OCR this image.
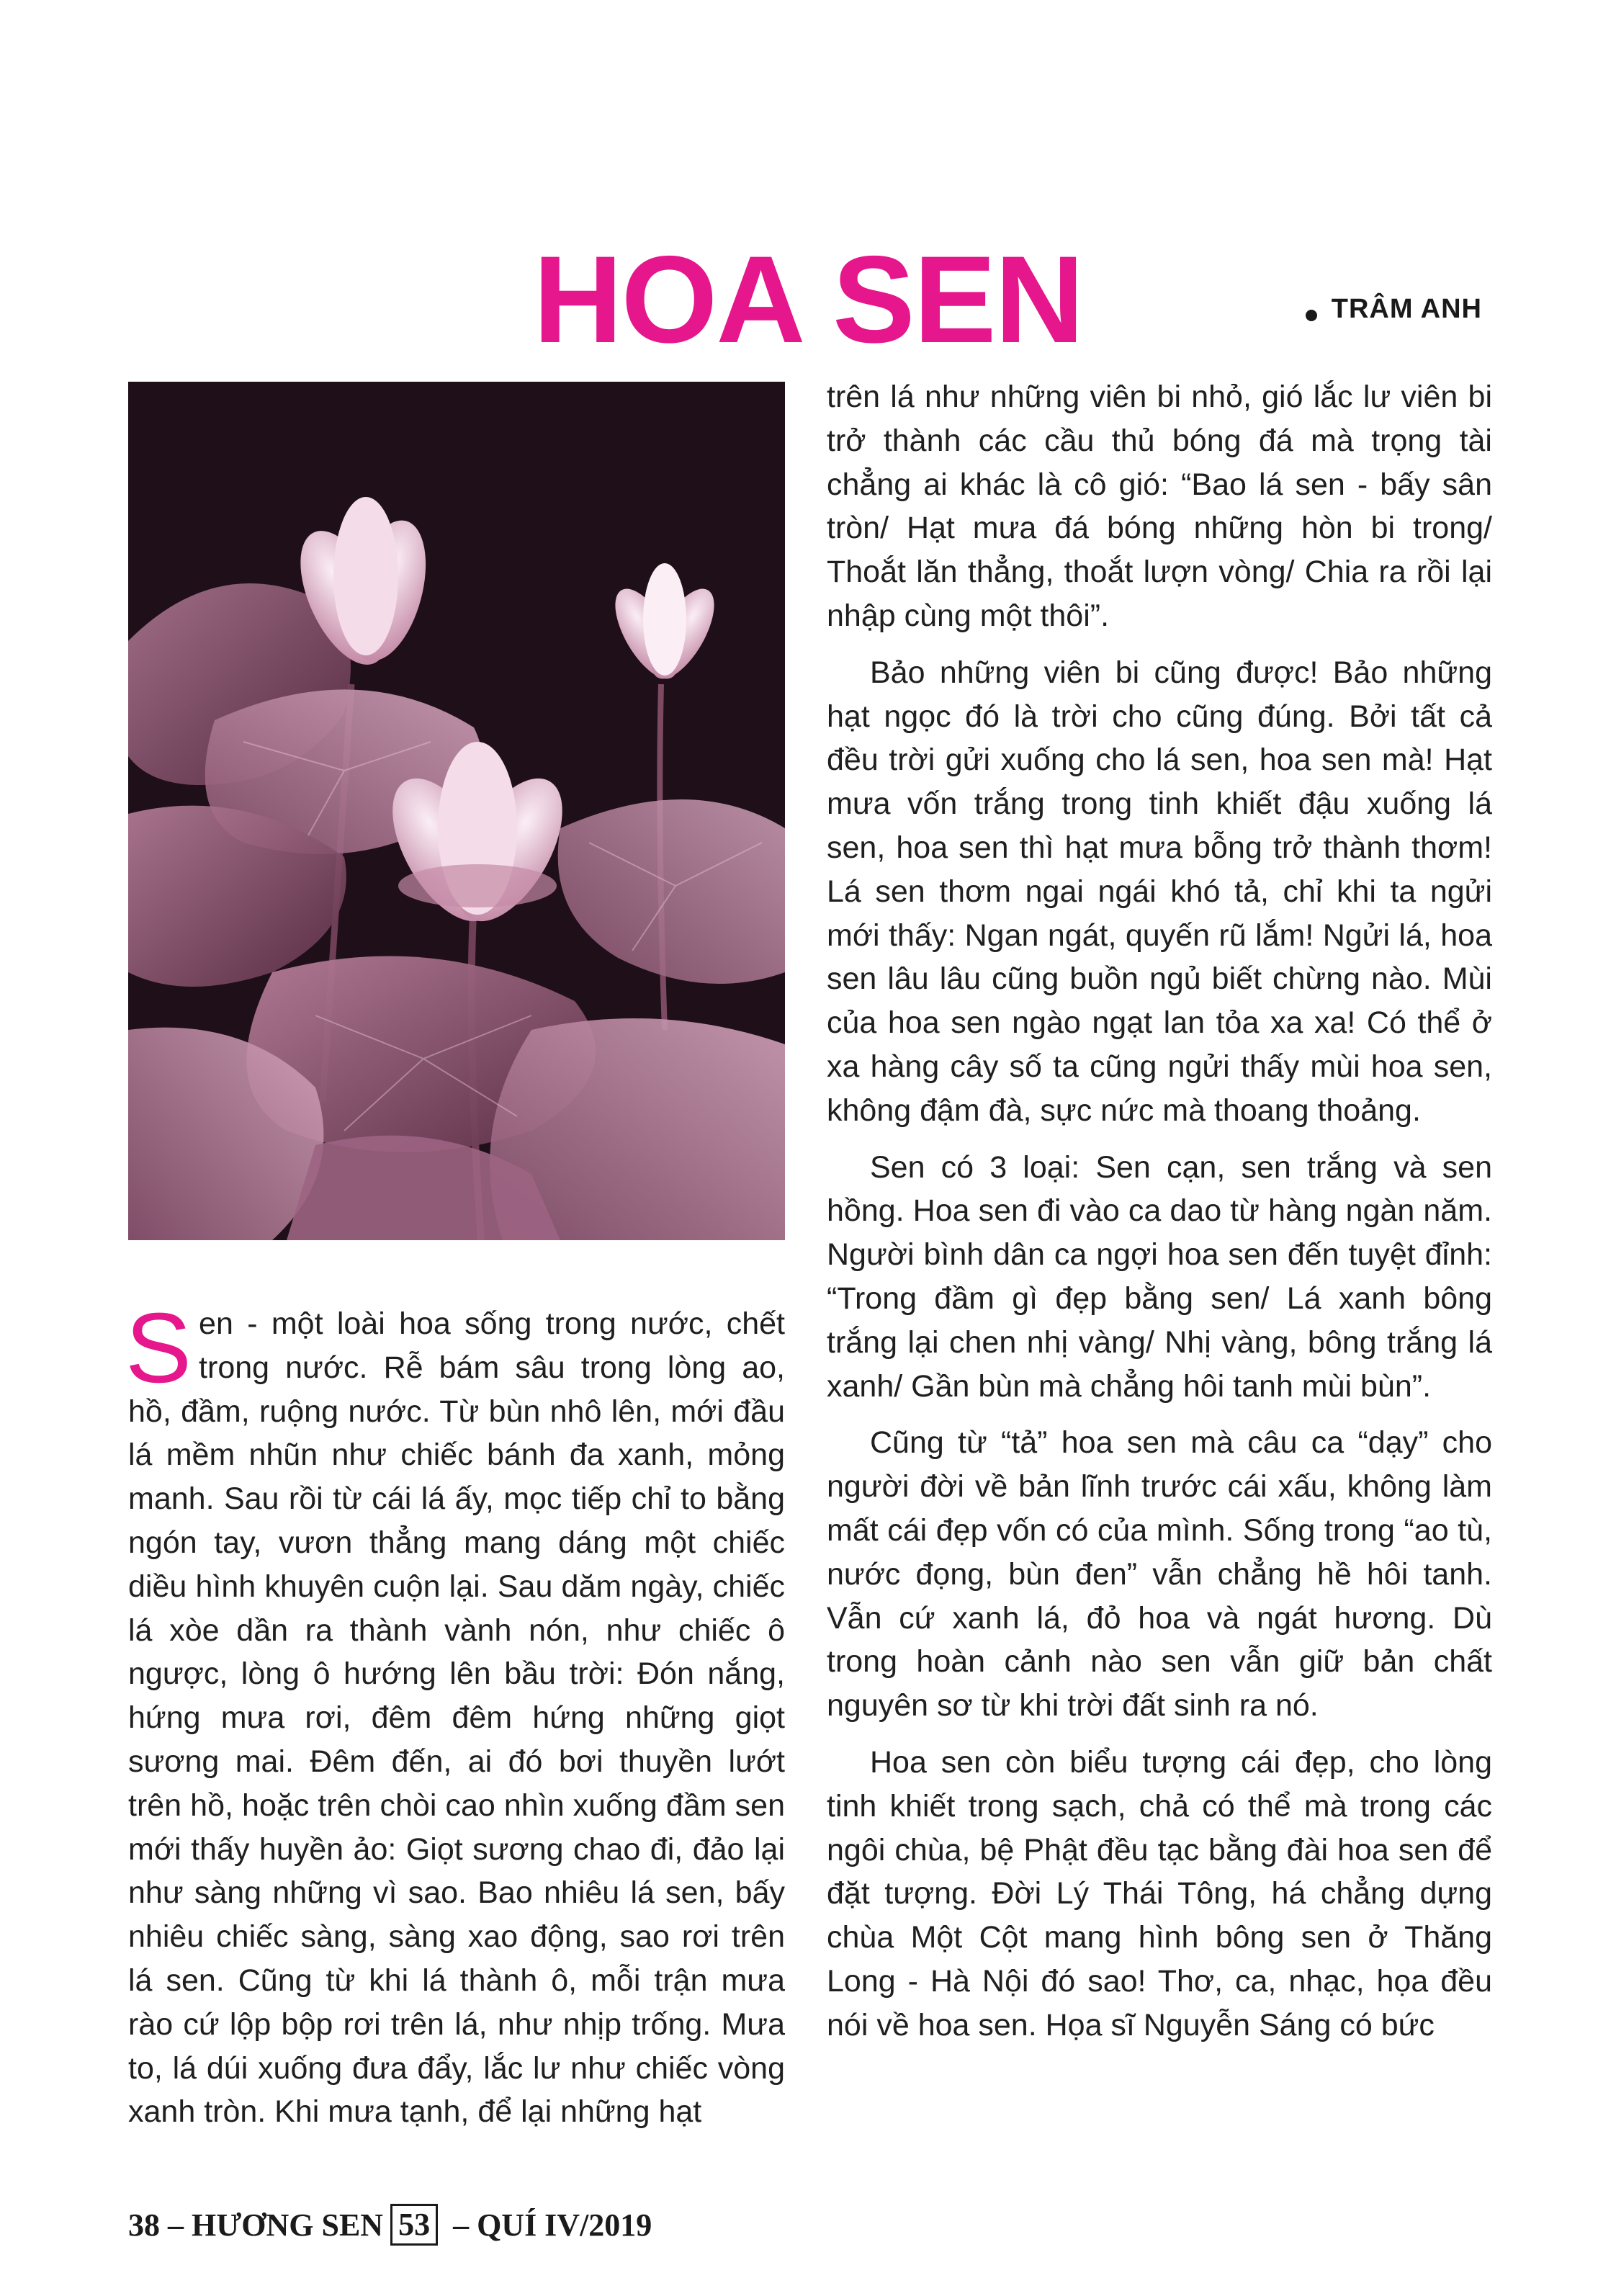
HOA SEN	TRÂM ANH

Sen - một loài hoa sống trong nước, chết trong nước. Rễ bám sâu trong lòng ao, hồ, đầm, ruộng nước. Từ bùn nhô lên, mới đầu lá mềm nhũn như chiếc bánh đa xanh, mỏng manh. Sau rồi từ cái lá ấy, mọc tiếp chỉ to bằng ngón tay, vươn thẳng mang dáng một chiếc diều hình khuyên cuộn lại. Sau dăm ngày, chiếc lá xòe dần ra thành vành nón, như chiếc ô ngược, lòng ô hướng lên bầu trời: Đón nắng, hứng mưa rơi, đêm đêm hứng những giọt sương mai. Đêm đến, ai đó bơi thuyền lướt trên hồ, hoặc trên chòi cao nhìn xuống đầm sen mới thấy huyền ảo: Giọt sương chao đi, đảo lại như sàng những vì sao. Bao nhiêu lá sen, bấy nhiêu chiếc sàng, sàng xao động, sao rơi trên lá sen. Cũng từ khi lá thành ô, mỗi trận mưa rào cứ lộp bộp rơi trên lá, như nhịp trống. Mưa to, lá dúi xuống đưa đẩy, lắc lư như chiếc vòng xanh tròn. Khi mưa tạnh, để lại những hạt

trên lá như những viên bi nhỏ, gió lắc lư viên bi trở thành các cầu thủ bóng đá mà trọng tài chẳng ai khác là cô gió: “Bao lá sen - bấy sân tròn/ Hạt mưa đá bóng những hòn bi trong/ Thoắt lăn thẳng, thoắt lượn vòng/ Chia ra rồi lại nhập cùng một thôi”.

Bảo những viên bi cũng được! Bảo những hạt ngọc đó là trời cho cũng đúng. Bởi tất cả đều trời gửi xuống cho lá sen, hoa sen mà! Hạt mưa vốn trắng trong tinh khiết đậu xuống lá sen, hoa sen thì hạt mưa bỗng trở thành thơm! Lá sen thơm ngai ngái khó tả, chỉ khi ta ngửi mới thấy: Ngan ngát, quyến rũ lắm! Ngửi lá, hoa sen lâu lâu cũng buồn ngủ biết chừng nào. Mùi của hoa sen ngào ngạt lan tỏa xa xa! Có thể ở xa hàng cây số ta cũng ngửi thấy mùi hoa sen, không đậm đà, sực nức mà thoang thoảng.

Sen có 3 loại: Sen cạn, sen trắng và sen hồng. Hoa sen đi vào ca dao từ hàng ngàn năm. Người bình dân ca ngợi hoa sen đến tuyệt đỉnh: “Trong đầm gì đẹp bằng sen/ Lá xanh bông trắng lại chen nhị vàng/ Nhị vàng, bông trắng lá xanh/ Gần bùn mà chẳng hôi tanh mùi bùn”.

Cũng từ “tả” hoa sen mà câu ca “dạy” cho người đời về bản lĩnh trước cái xấu, không làm mất cái đẹp vốn có của mình. Sống trong “ao tù, nước đọng, bùn đen” vẫn chẳng hề hôi tanh. Vẫn cứ xanh lá, đỏ hoa và ngát hương. Dù trong hoàn cảnh nào sen vẫn giữ bản chất nguyên sơ từ khi trời đất sinh ra nó.

Hoa sen còn biểu tượng cái đẹp, cho lòng tinh khiết trong sạch, chả có thể mà trong các ngôi chùa, bệ Phật đều tạc bằng đài hoa sen để đặt tượng. Đời Lý Thái Tông, há chẳng dựng chùa Một Cột mang hình bông sen ở Thăng Long - Hà Nội đó sao! Thơ, ca, nhạc, họa đều nói về hoa sen. Họa sĩ Nguyễn Sáng có bức

38 – HƯƠNG SEN 53 – QUÍ IV/2019
